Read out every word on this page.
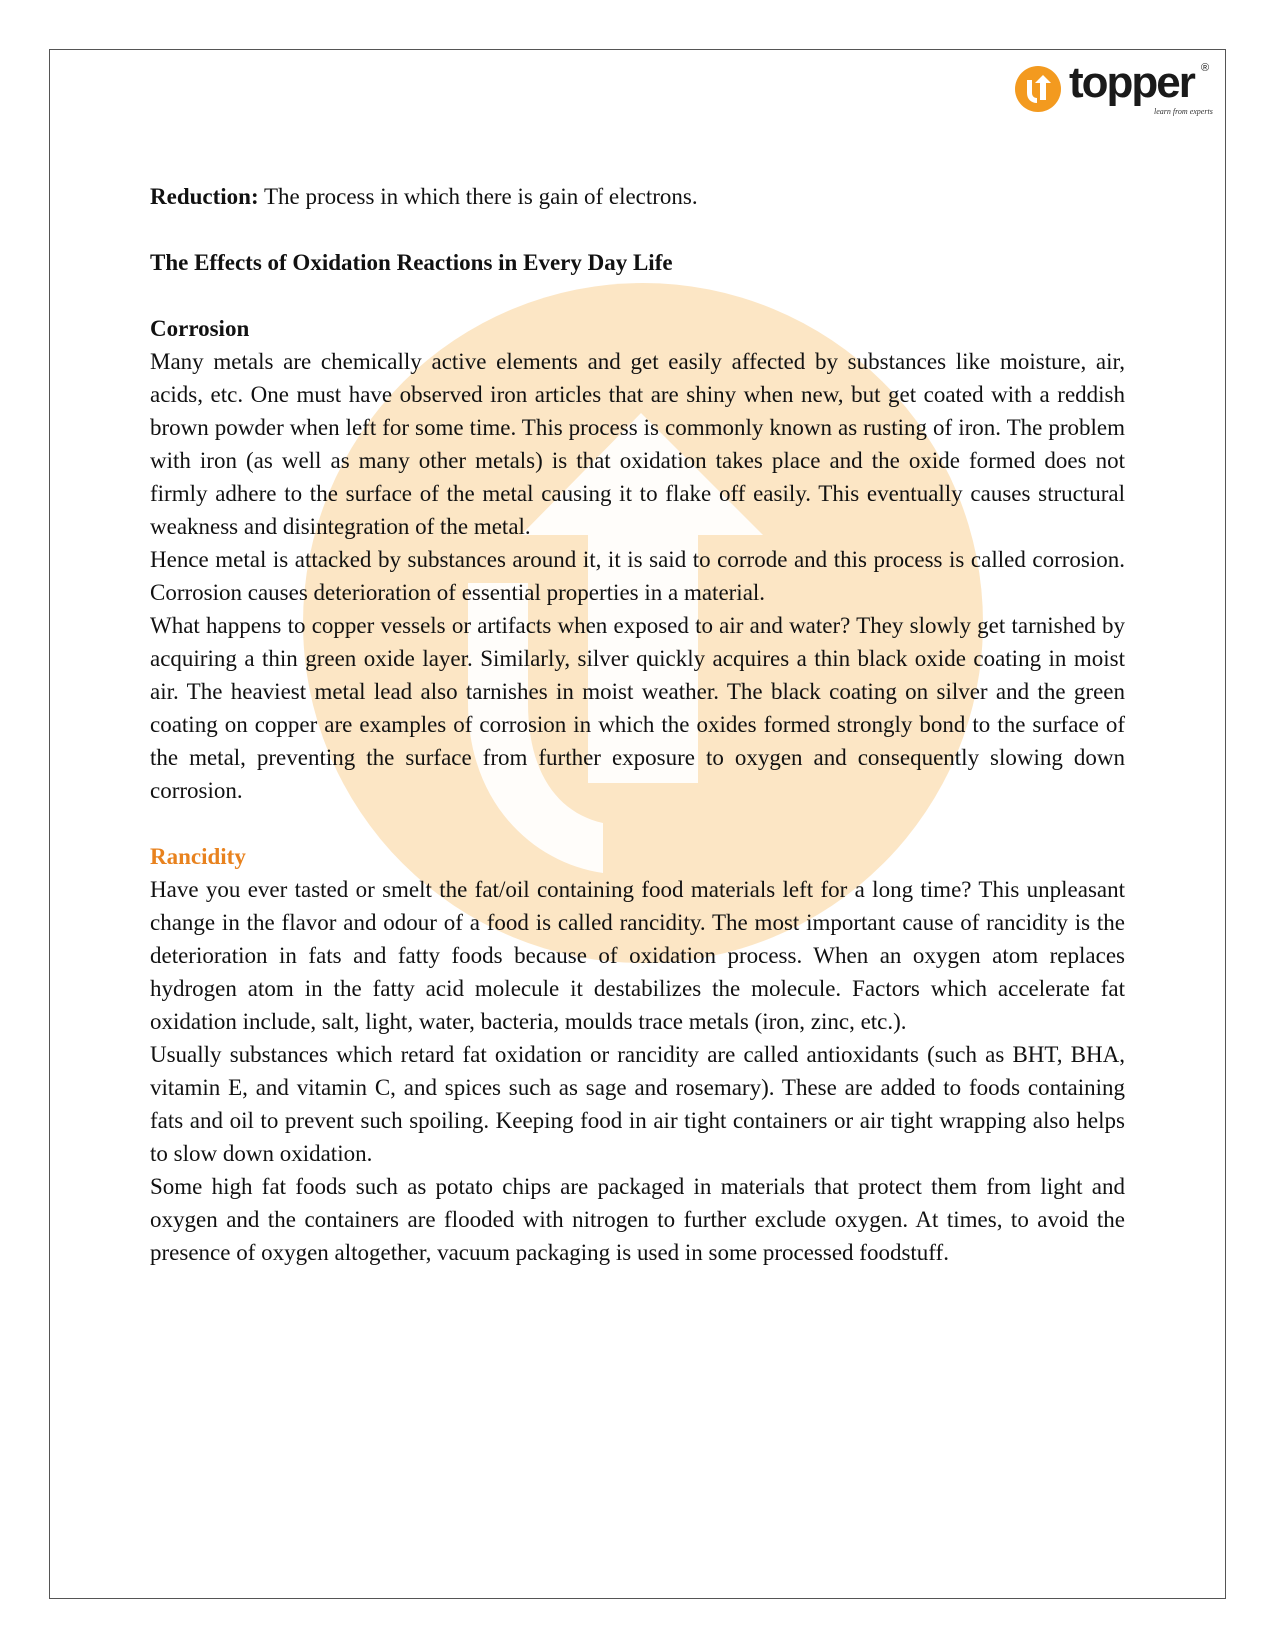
topper ®
learn from experts

Reduction: The process in which there is gain of electrons.

The Effects of Oxidation Reactions in Every Day Life

Corrosion

Many metals are chemically active elements and get easily affected by substances like moisture, air, acids, etc. One must have observed iron articles that are shiny when new, but get coated with a reddish brown powder when left for some time. This process is commonly known as rusting of iron. The problem with iron (as well as many other metals) is that oxidation takes place and the oxide formed does not firmly adhere to the surface of the metal causing it to flake off easily. This eventually causes structural weakness and disintegration of the metal.

Hence metal is attacked by substances around it, it is said to corrode and this process is called corrosion. Corrosion causes deterioration of essential properties in a material.

What happens to copper vessels or artifacts when exposed to air and water? They slowly get tarnished by acquiring a thin green oxide layer. Similarly, silver quickly acquires a thin black oxide coating in moist air. The heaviest metal lead also tarnishes in moist weather. The black coating on silver and the green coating on copper are examples of corrosion in which the oxides formed strongly bond to the surface of the metal, preventing the surface from further exposure to oxygen and consequently slowing down corrosion.

Rancidity

Have you ever tasted or smelt the fat/oil containing food materials left for a long time? This unpleasant change in the flavor and odour of a food is called rancidity. The most important cause of rancidity is the deterioration in fats and fatty foods because of oxidation process. When an oxygen atom replaces hydrogen atom in the fatty acid molecule it destabilizes the molecule. Factors which accelerate fat oxidation include, salt, light, water, bacteria, moulds trace metals (iron, zinc, etc.).

Usually substances which retard fat oxidation or rancidity are called antioxidants (such as BHT, BHA, vitamin E, and vitamin C, and spices such as sage and rosemary). These are added to foods containing fats and oil to prevent such spoiling. Keeping food in air tight containers or air tight wrapping also helps to slow down oxidation.

Some high fat foods such as potato chips are packaged in materials that protect them from light and oxygen and the containers are flooded with nitrogen to further exclude oxygen. At times, to avoid the presence of oxygen altogether, vacuum packaging is used in some processed foodstuff.
